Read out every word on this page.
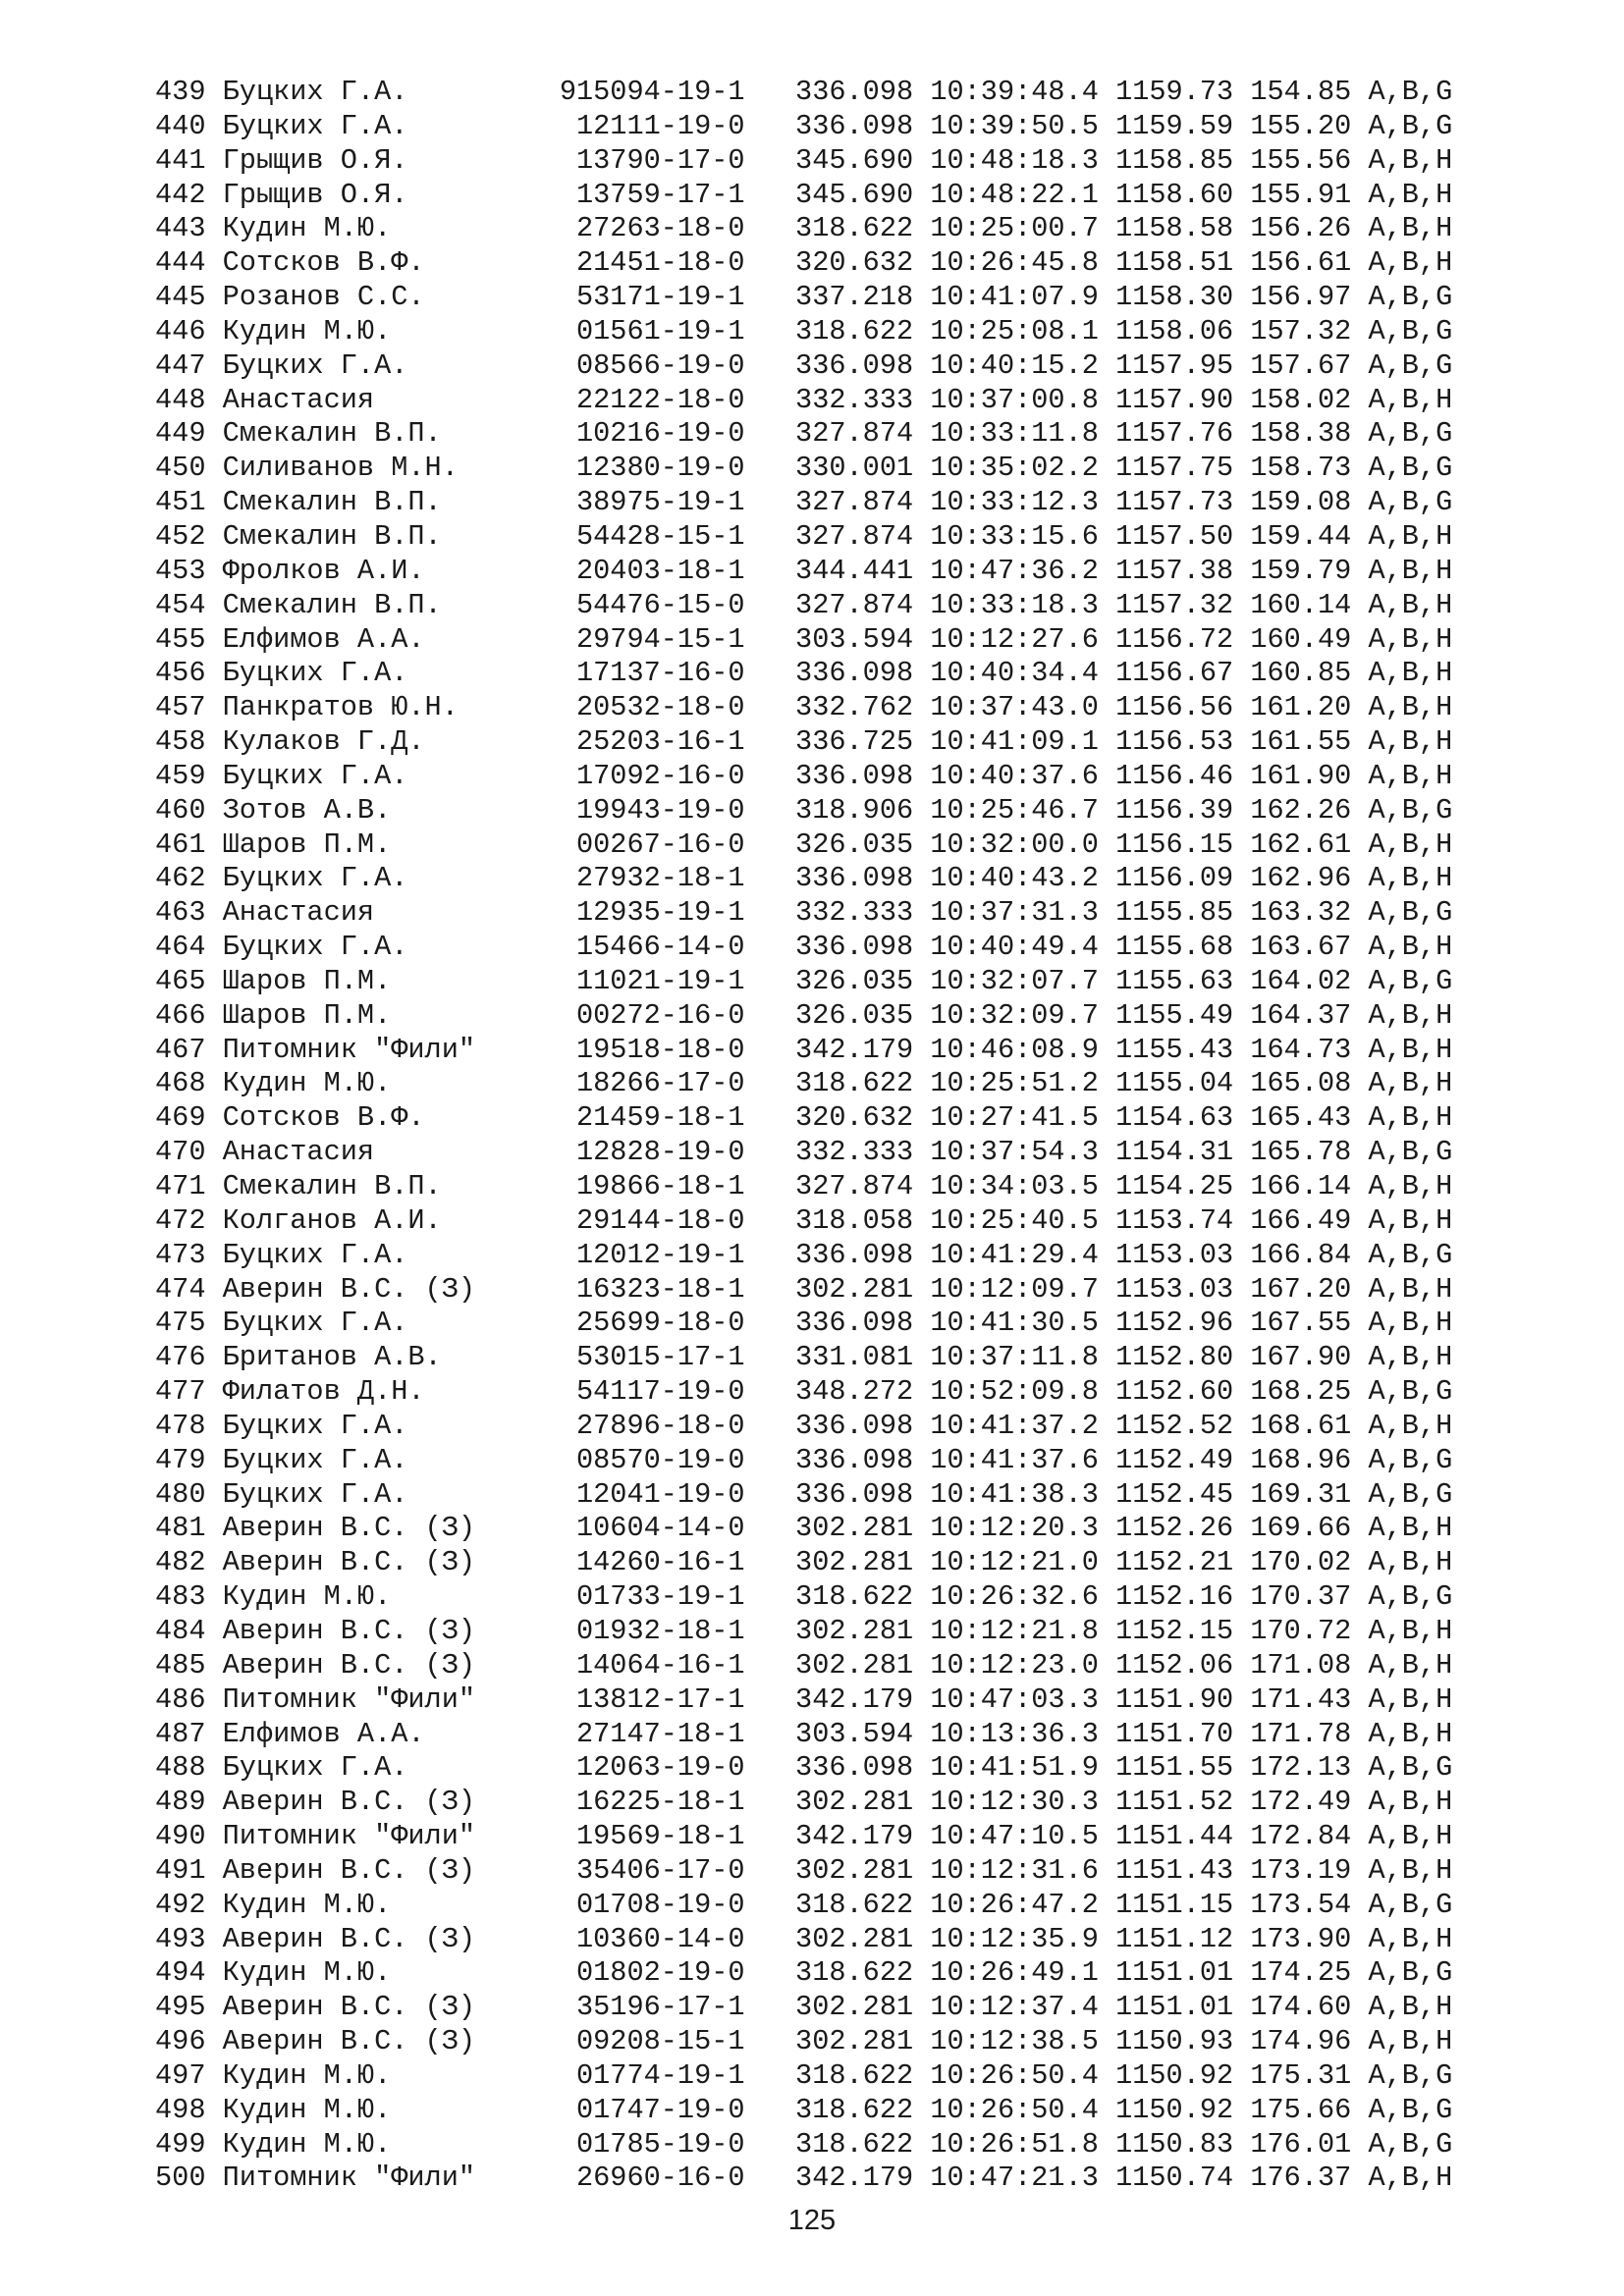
439 Буцких Г.А.         915094-19-1   336.098 10:39:48.4 1159.73 154.85 A,B,G
440 Буцких Г.А.          12111-19-0   336.098 10:39:50.5 1159.59 155.20 A,B,G
441 Грыщив О.Я.          13790-17-0   345.690 10:48:18.3 1158.85 155.56 A,B,H
442 Грыщив О.Я.          13759-17-1   345.690 10:48:22.1 1158.60 155.91 A,B,H
443 Кудин М.Ю.           27263-18-0   318.622 10:25:00.7 1158.58 156.26 A,B,H
444 Сотсков В.Ф.         21451-18-0   320.632 10:26:45.8 1158.51 156.61 A,B,H
445 Розанов С.С.         53171-19-1   337.218 10:41:07.9 1158.30 156.97 A,B,G
446 Кудин М.Ю.           01561-19-1   318.622 10:25:08.1 1158.06 157.32 A,B,G
447 Буцких Г.А.          08566-19-0   336.098 10:40:15.2 1157.95 157.67 A,B,G
448 Анастасия            22122-18-0   332.333 10:37:00.8 1157.90 158.02 A,B,H
449 Смекалин В.П.        10216-19-0   327.874 10:33:11.8 1157.76 158.38 A,B,G
450 Силиванов М.Н.       12380-19-0   330.001 10:35:02.2 1157.75 158.73 A,B,G
451 Смекалин В.П.        38975-19-1   327.874 10:33:12.3 1157.73 159.08 A,B,G
452 Смекалин В.П.        54428-15-1   327.874 10:33:15.6 1157.50 159.44 A,B,H
453 Фролков А.И.         20403-18-1   344.441 10:47:36.2 1157.38 159.79 A,B,H
454 Смекалин В.П.        54476-15-0   327.874 10:33:18.3 1157.32 160.14 A,B,H
455 Елфимов А.А.         29794-15-1   303.594 10:12:27.6 1156.72 160.49 A,B,H
456 Буцких Г.А.          17137-16-0   336.098 10:40:34.4 1156.67 160.85 A,B,H
457 Панкратов Ю.Н.       20532-18-0   332.762 10:37:43.0 1156.56 161.20 A,B,H
458 Кулаков Г.Д.         25203-16-1   336.725 10:41:09.1 1156.53 161.55 A,B,H
459 Буцких Г.А.          17092-16-0   336.098 10:40:37.6 1156.46 161.90 A,B,H
460 Зотов А.В.           19943-19-0   318.906 10:25:46.7 1156.39 162.26 A,B,G
461 Шаров П.М.           00267-16-0   326.035 10:32:00.0 1156.15 162.61 A,B,H
462 Буцких Г.А.          27932-18-1   336.098 10:40:43.2 1156.09 162.96 A,B,H
463 Анастасия            12935-19-1   332.333 10:37:31.3 1155.85 163.32 A,B,G
464 Буцких Г.А.          15466-14-0   336.098 10:40:49.4 1155.68 163.67 A,B,H
465 Шаров П.М.           11021-19-1   326.035 10:32:07.7 1155.63 164.02 A,B,G
466 Шаров П.М.           00272-16-0   326.035 10:32:09.7 1155.49 164.37 A,B,H
467 Питомник "Фили"      19518-18-0   342.179 10:46:08.9 1155.43 164.73 A,B,H
468 Кудин М.Ю.           18266-17-0   318.622 10:25:51.2 1155.04 165.08 A,B,H
469 Сотсков В.Ф.         21459-18-1   320.632 10:27:41.5 1154.63 165.43 A,B,H
470 Анастасия            12828-19-0   332.333 10:37:54.3 1154.31 165.78 A,B,G
471 Смекалин В.П.        19866-18-1   327.874 10:34:03.5 1154.25 166.14 A,B,H
472 Колганов А.И.        29144-18-0   318.058 10:25:40.5 1153.74 166.49 A,B,H
473 Буцких Г.А.          12012-19-1   336.098 10:41:29.4 1153.03 166.84 A,B,G
474 Аверин В.С. (З)      16323-18-1   302.281 10:12:09.7 1153.03 167.20 A,B,H
475 Буцких Г.А.          25699-18-0   336.098 10:41:30.5 1152.96 167.55 A,B,H
476 Британов А.В.        53015-17-1   331.081 10:37:11.8 1152.80 167.90 A,B,H
477 Филатов Д.Н.         54117-19-0   348.272 10:52:09.8 1152.60 168.25 A,B,G
478 Буцких Г.А.          27896-18-0   336.098 10:41:37.2 1152.52 168.61 A,B,H
479 Буцких Г.А.          08570-19-0   336.098 10:41:37.6 1152.49 168.96 A,B,G
480 Буцких Г.А.          12041-19-0   336.098 10:41:38.3 1152.45 169.31 A,B,G
481 Аверин В.С. (З)      10604-14-0   302.281 10:12:20.3 1152.26 169.66 A,B,H
482 Аверин В.С. (З)      14260-16-1   302.281 10:12:21.0 1152.21 170.02 A,B,H
483 Кудин М.Ю.           01733-19-1   318.622 10:26:32.6 1152.16 170.37 A,B,G
484 Аверин В.С. (З)      01932-18-1   302.281 10:12:21.8 1152.15 170.72 A,B,H
485 Аверин В.С. (З)      14064-16-1   302.281 10:12:23.0 1152.06 171.08 A,B,H
486 Питомник "Фили"      13812-17-1   342.179 10:47:03.3 1151.90 171.43 A,B,H
487 Елфимов А.А.         27147-18-1   303.594 10:13:36.3 1151.70 171.78 A,B,H
488 Буцких Г.А.          12063-19-0   336.098 10:41:51.9 1151.55 172.13 A,B,G
489 Аверин В.С. (З)      16225-18-1   302.281 10:12:30.3 1151.52 172.49 A,B,H
490 Питомник "Фили"      19569-18-1   342.179 10:47:10.5 1151.44 172.84 A,B,H
491 Аверин В.С. (З)      35406-17-0   302.281 10:12:31.6 1151.43 173.19 A,B,H
492 Кудин М.Ю.           01708-19-0   318.622 10:26:47.2 1151.15 173.54 A,B,G
493 Аверин В.С. (З)      10360-14-0   302.281 10:12:35.9 1151.12 173.90 A,B,H
494 Кудин М.Ю.           01802-19-0   318.622 10:26:49.1 1151.01 174.25 A,B,G
495 Аверин В.С. (З)      35196-17-1   302.281 10:12:37.4 1151.01 174.60 A,B,H
496 Аверин В.С. (З)      09208-15-1   302.281 10:12:38.5 1150.93 174.96 A,B,H
497 Кудин М.Ю.           01774-19-1   318.622 10:26:50.4 1150.92 175.31 A,B,G
498 Кудин М.Ю.           01747-19-0   318.622 10:26:50.4 1150.92 175.66 A,B,G
499 Кудин М.Ю.           01785-19-0   318.622 10:26:51.8 1150.83 176.01 A,B,G
500 Питомник "Фили"      26960-16-0   342.179 10:47:21.3 1150.74 176.37 A,B,H
125
